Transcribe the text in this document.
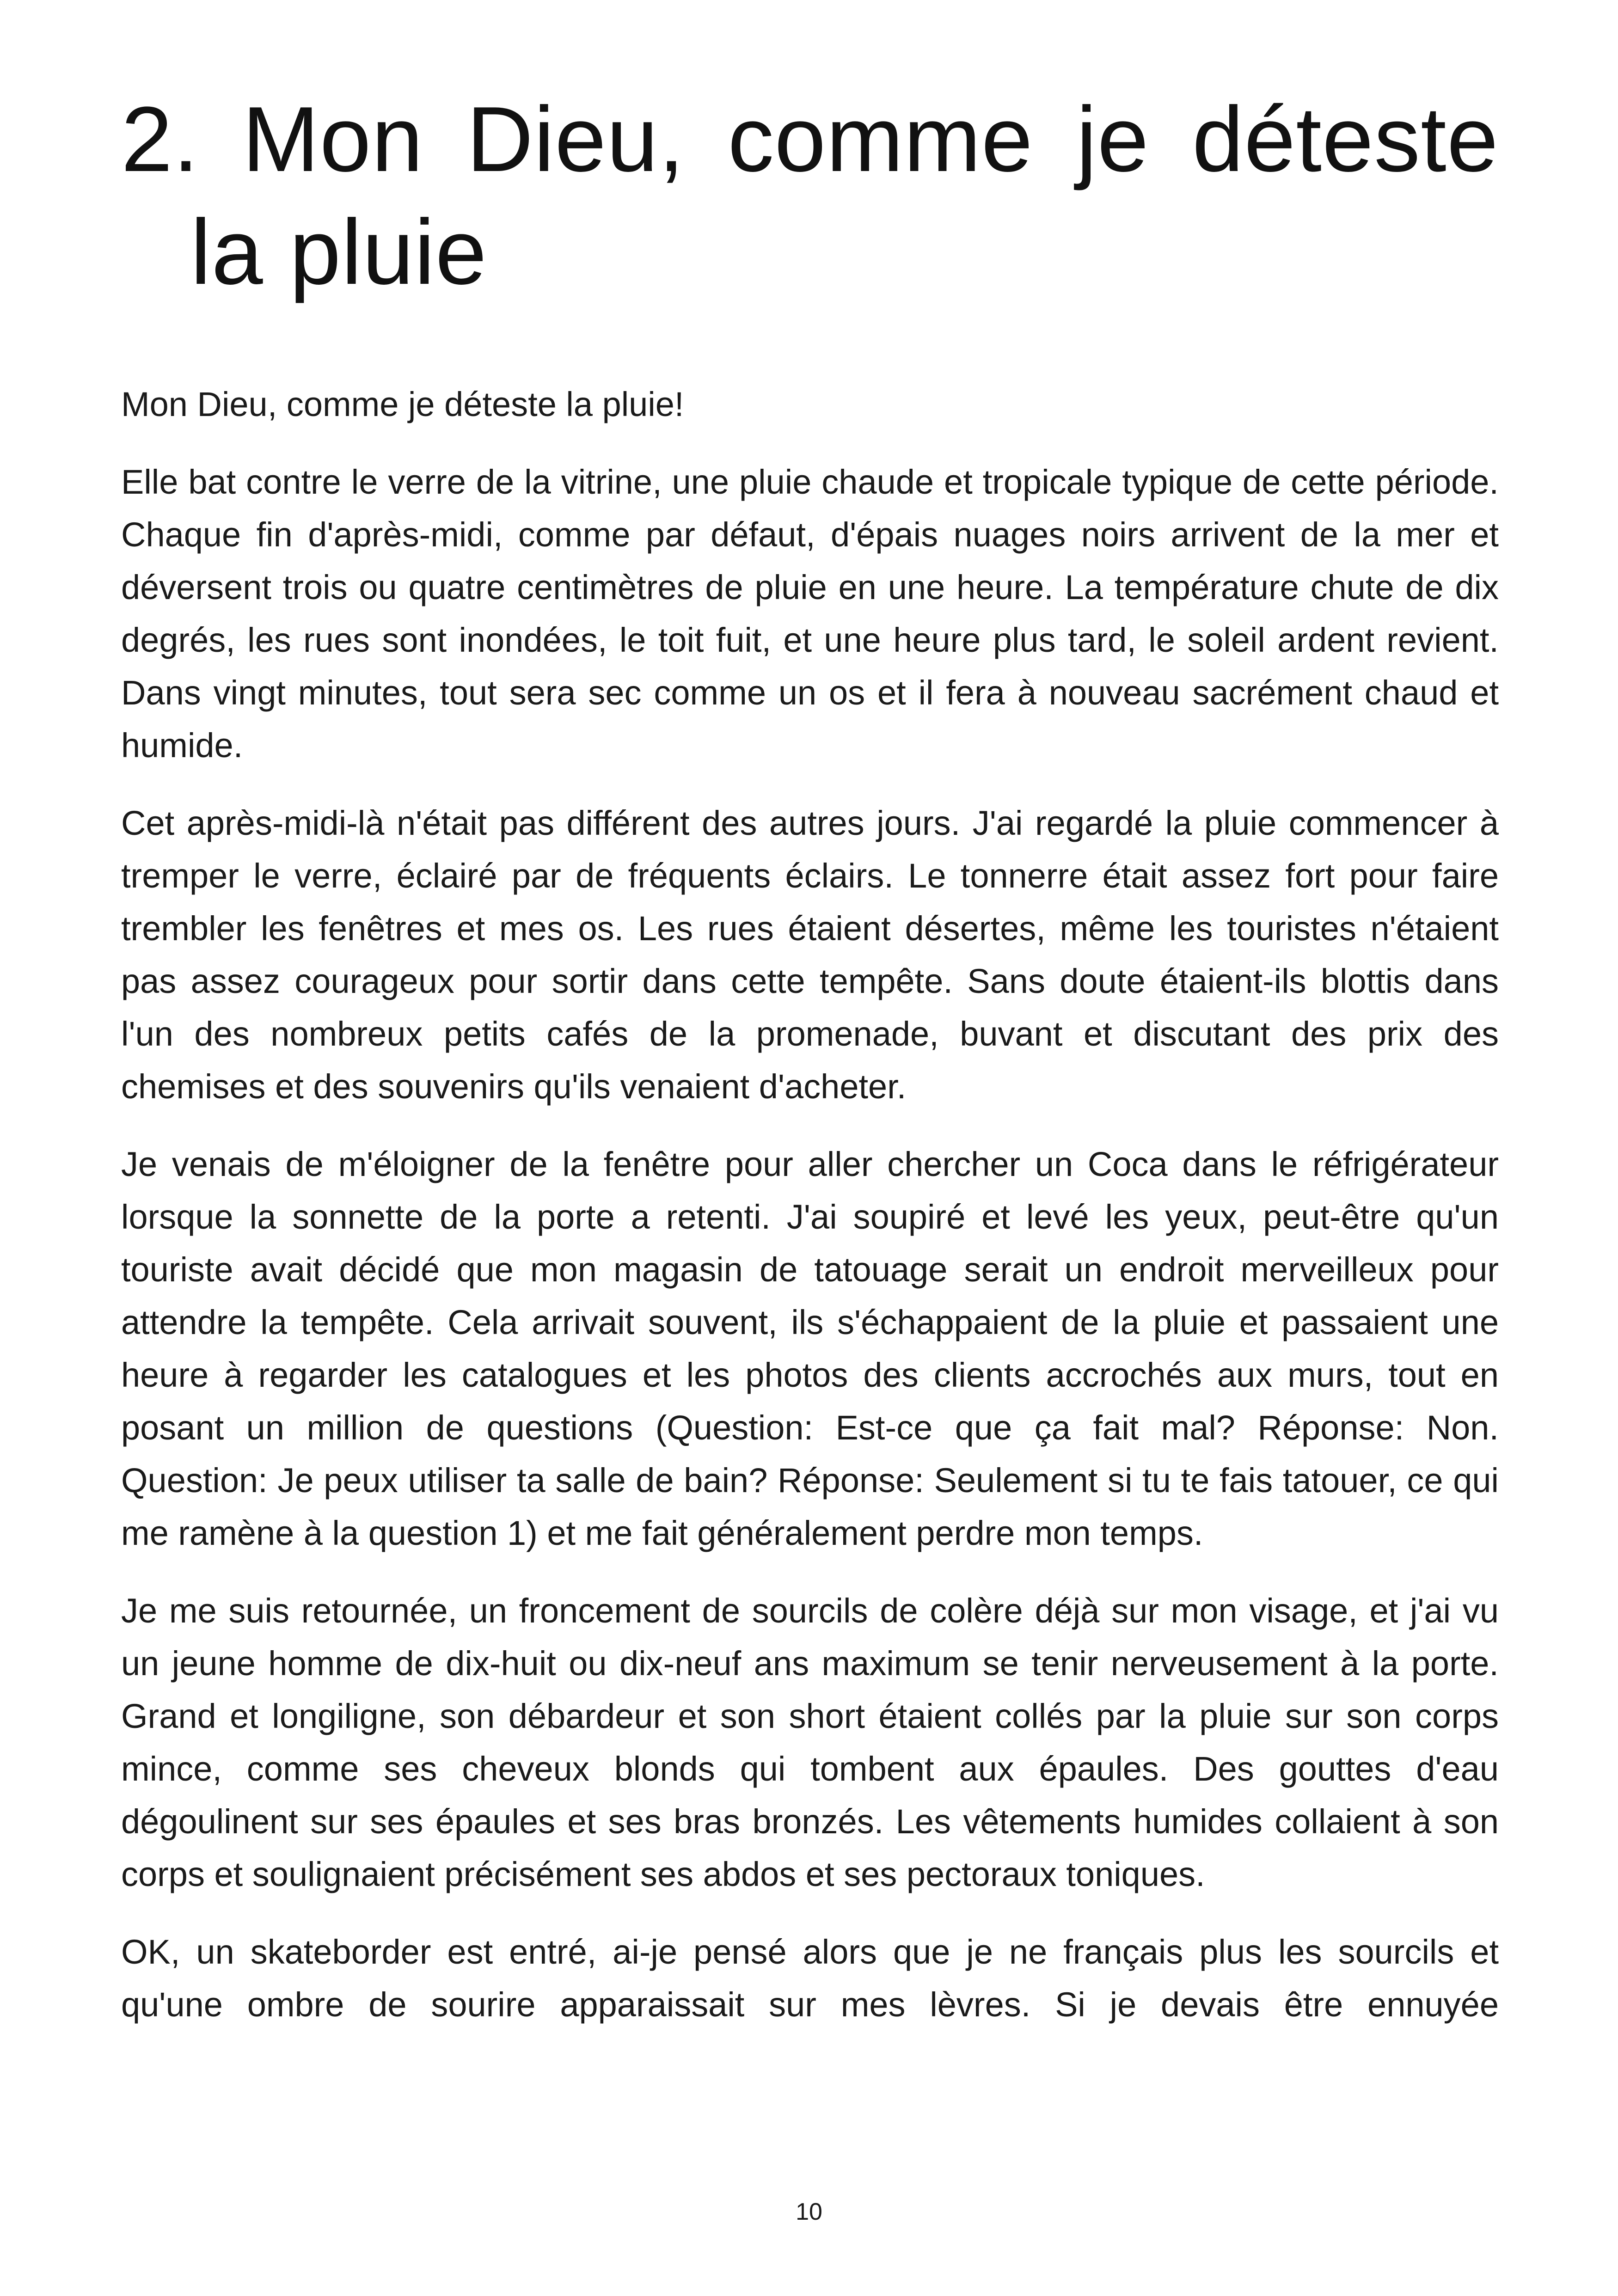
2. Mon Dieu, comme je déteste
la pluie

Mon Dieu, comme je déteste la pluie!

Elle bat contre le verre de la vitrine, une pluie chaude et tropicale typique de cette période. Chaque fin d'après-midi, comme par défaut, d'épais nuages noirs arrivent de la mer et déversent trois ou quatre centimètres de pluie en une heure. La température chute de dix degrés, les rues sont inondées, le toit fuit, et une heure plus tard, le soleil ardent revient. Dans vingt minutes, tout sera sec comme un os et il fera à nouveau sacrément chaud et humide.

Cet après-midi-là n'était pas différent des autres jours. J'ai regardé la pluie commencer à tremper le verre, éclairé par de fréquents éclairs. Le tonnerre était assez fort pour faire trembler les fenêtres et mes os. Les rues étaient désertes, même les touristes n'étaient pas assez courageux pour sortir dans cette tempête. Sans doute étaient-ils blottis dans l'un des nombreux petits cafés de la promenade, buvant et discutant des prix des chemises et des souvenirs qu'ils venaient d'acheter.

Je venais de m'éloigner de la fenêtre pour aller chercher un Coca dans le réfrigérateur lorsque la sonnette de la porte a retenti. J'ai soupiré et levé les yeux, peut-être qu'un touriste avait décidé que mon magasin de tatouage serait un endroit merveilleux pour attendre la tempête. Cela arrivait souvent, ils s'échappaient de la pluie et passaient une heure à regarder les catalogues et les photos des clients accrochés aux murs, tout en posant un million de questions (Question: Est-ce que ça fait mal? Réponse: Non. Question: Je peux utiliser ta salle de bain? Réponse: Seulement si tu te fais tatouer, ce qui me ramène à la question 1) et me fait généralement perdre mon temps.

Je me suis retournée, un froncement de sourcils de colère déjà sur mon visage, et j'ai vu un jeune homme de dix-huit ou dix-neuf ans maximum se tenir nerveusement à la porte. Grand et longiligne, son débardeur et son short étaient collés par la pluie sur son corps mince, comme ses cheveux blonds qui tombent aux épaules. Des gouttes d'eau dégoulinent sur ses épaules et ses bras bronzés. Les vêtements humides collaient à son corps et soulignaient précisément ses abdos et ses pectoraux toniques.

OK, un skateborder est entré, ai-je pensé alors que je ne français plus les sourcils et qu'une ombre de sourire apparaissait sur mes lèvres. Si je devais être ennuyée

10
